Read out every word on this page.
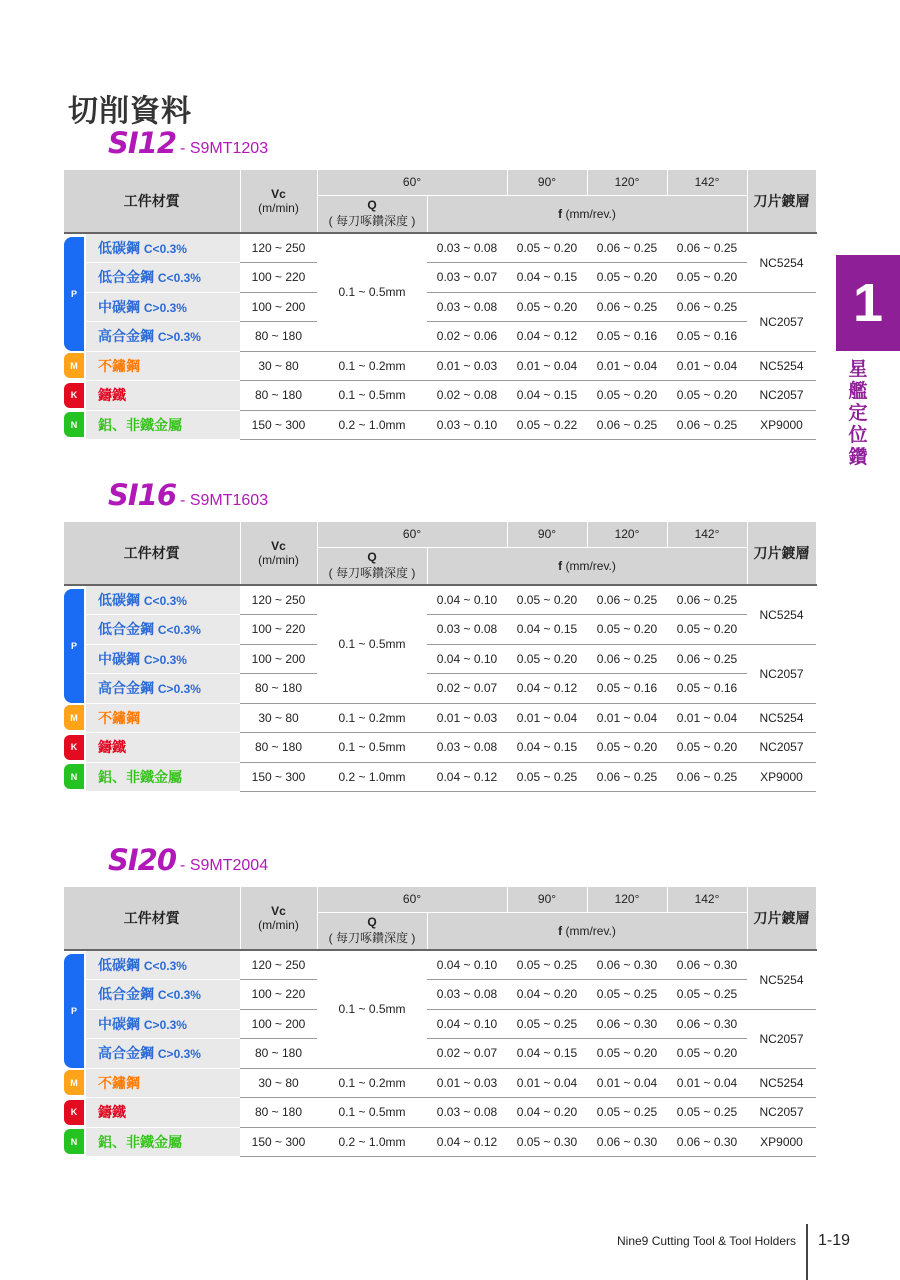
切削資料
1
星艦定位鑽
SI12 - S9MT1203
工件材質		Vc
(m/min)	60°		90°	120°	142°	刀片鍍層
			Q
( 每刀啄鑽深度 )	f (mm/rev.)				

P	低碳鋼 C<0.3%	120 ~ 250	0.1 ~ 0.5mm	0.03 ~ 0.08	0.05 ~ 0.20	0.06 ~ 0.25	0.06 ~ 0.25	NC5254
	低合金鋼 C<0.3%	100 ~ 220		0.03 ~ 0.07	0.04 ~ 0.15	0.05 ~ 0.20	0.05 ~ 0.20	
	中碳鋼 C>0.3%	100 ~ 200		0.03 ~ 0.08	0.05 ~ 0.20	0.06 ~ 0.25	0.06 ~ 0.25	NC2057
	高合金鋼 C>0.3%	80 ~ 180		0.02 ~ 0.06	0.04 ~ 0.12	0.05 ~ 0.16	0.05 ~ 0.16	

M	不鏽鋼	30 ~ 80	0.1 ~ 0.2mm	0.01 ~ 0.03	0.01 ~ 0.04	0.01 ~ 0.04	0.01 ~ 0.04	NC5254

K	鑄鐵	80 ~ 180	0.1 ~ 0.5mm	0.02 ~ 0.08	0.04 ~ 0.15	0.05 ~ 0.20	0.05 ~ 0.20	NC2057

N	鋁、非鐵金屬	150 ~ 300	0.2 ~ 1.0mm	0.03 ~ 0.10	0.05 ~ 0.22	0.06 ~ 0.25	0.06 ~ 0.25	XP9000
SI16 - S9MT1603
工件材質		Vc
(m/min)	60°		90°	120°	142°	刀片鍍層
			Q
( 每刀啄鑽深度 )	f (mm/rev.)				

P	低碳鋼 C<0.3%	120 ~ 250	0.1 ~ 0.5mm	0.04 ~ 0.10	0.05 ~ 0.20	0.06 ~ 0.25	0.06 ~ 0.25	NC5254
	低合金鋼 C<0.3%	100 ~ 220		0.03 ~ 0.08	0.04 ~ 0.15	0.05 ~ 0.20	0.05 ~ 0.20	
	中碳鋼 C>0.3%	100 ~ 200		0.04 ~ 0.10	0.05 ~ 0.20	0.06 ~ 0.25	0.06 ~ 0.25	NC2057
	高合金鋼 C>0.3%	80 ~ 180		0.02 ~ 0.07	0.04 ~ 0.12	0.05 ~ 0.16	0.05 ~ 0.16	

M	不鏽鋼	30 ~ 80	0.1 ~ 0.2mm	0.01 ~ 0.03	0.01 ~ 0.04	0.01 ~ 0.04	0.01 ~ 0.04	NC5254

K	鑄鐵	80 ~ 180	0.1 ~ 0.5mm	0.03 ~ 0.08	0.04 ~ 0.15	0.05 ~ 0.20	0.05 ~ 0.20	NC2057

N	鋁、非鐵金屬	150 ~ 300	0.2 ~ 1.0mm	0.04 ~ 0.12	0.05 ~ 0.25	0.06 ~ 0.25	0.06 ~ 0.25	XP9000
SI20 - S9MT2004
工件材質		Vc
(m/min)	60°		90°	120°	142°	刀片鍍層
			Q
( 每刀啄鑽深度 )	f (mm/rev.)				

P	低碳鋼 C<0.3%	120 ~ 250	0.1 ~ 0.5mm	0.04 ~ 0.10	0.05 ~ 0.25	0.06 ~ 0.30	0.06 ~ 0.30	NC5254
	低合金鋼 C<0.3%	100 ~ 220		0.03 ~ 0.08	0.04 ~ 0.20	0.05 ~ 0.25	0.05 ~ 0.25	
	中碳鋼 C>0.3%	100 ~ 200		0.04 ~ 0.10	0.05 ~ 0.25	0.06 ~ 0.30	0.06 ~ 0.30	NC2057
	高合金鋼 C>0.3%	80 ~ 180		0.02 ~ 0.07	0.04 ~ 0.15	0.05 ~ 0.20	0.05 ~ 0.20	

M	不鏽鋼	30 ~ 80	0.1 ~ 0.2mm	0.01 ~ 0.03	0.01 ~ 0.04	0.01 ~ 0.04	0.01 ~ 0.04	NC5254

K	鑄鐵	80 ~ 180	0.1 ~ 0.5mm	0.03 ~ 0.08	0.04 ~ 0.20	0.05 ~ 0.25	0.05 ~ 0.25	NC2057

N	鋁、非鐵金屬	150 ~ 300	0.2 ~ 1.0mm	0.04 ~ 0.12	0.05 ~ 0.30	0.06 ~ 0.30	0.06 ~ 0.30	XP9000
Nine9 Cutting Tool & Tool Holders 1-19
